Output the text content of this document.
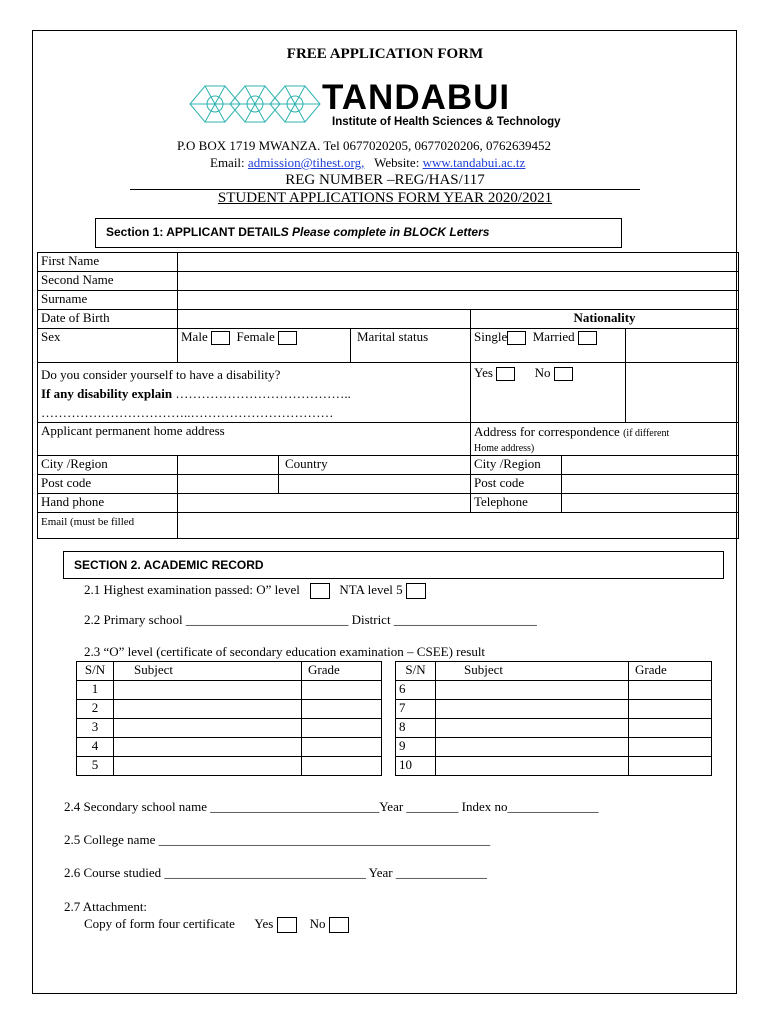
FREE APPLICATION FORM
TANDABUI
Institute of Health Sciences & Technology
P.O BOX 1719 MWANZA. Tel 0677020205, 0677020206, 0762639452
Email: admission@tihest.org, Website: www.tandabui.ac.tz
REG NUMBER –REG/HAS/117
STUDENT APPLICATIONS FORM YEAR 2020/2021
Section 1: APPLICANT DETAILS Please complete in BLOCK Letters
First Name						
Second Name						
Surname						
Date of Birth				Nationality		
Sex	Male Female		Marital status	Single Married		

Do you consider yourself to have a disability?
If any disability explain …………………………………..
……………………………..……………………………				Yes No		
Applicant permanent home address				Address for correspondence (if different
Home address)		
City /Region		Country		City /Region		
Post code				Post code		
Hand phone				Telephone		
Email (must be filled						
SECTION 2. ACADEMIC RECORD
2.1 Highest examination passed: O” level	NTA level 5
2.2 Primary school _________________________ District ______________________
2.3 “O” level (certificate of secondary education examination – CSEE) result
S/N	Subject	Grade
1		
2		
3		
4		
5		
S/N	Subject	Grade
6		
7		
8		
9		
10		
2.4 Secondary school name __________________________Year ________ Index no______________
2.5 College name ___________________________________________________
2.6 Course studied _______________________________ Year ______________
2.7 Attachment:
Copy of form four certificate Yes	No
